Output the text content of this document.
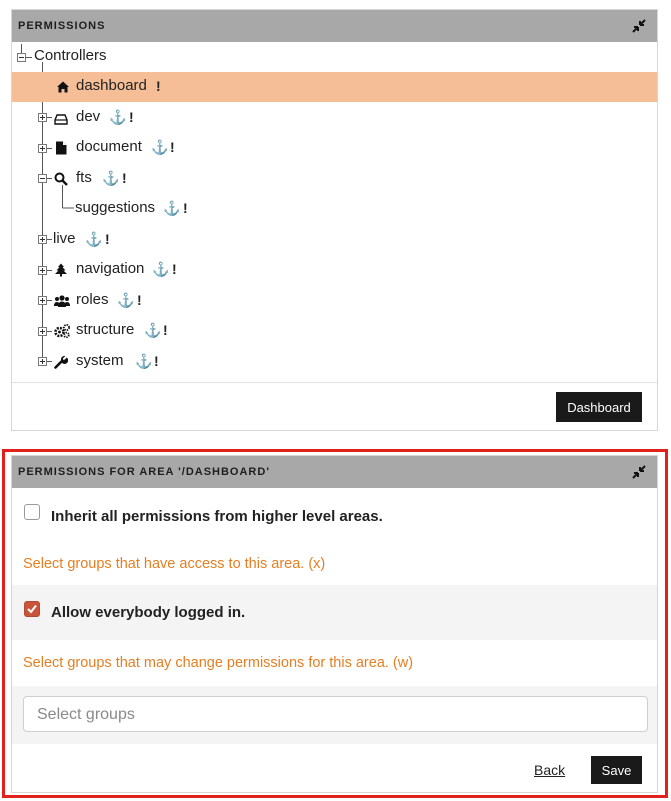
PERMISSIONS
Controllers
dashboard !
dev ⚓ !
document ⚓ !
fts ⚓ !
suggestions ⚓ !
live ⚓ !
navigation ⚓ !
roles ⚓ !
structure ⚓ !
system ⚓ !
Dashboard
PERMISSIONS FOR AREA '/DASHBOARD'
Inherit all permissions from higher level areas.
Select groups that have access to this area. (x)
Allow everybody logged in.
Select groups that may change permissions for this area. (w)
Select groups
Back	Save
